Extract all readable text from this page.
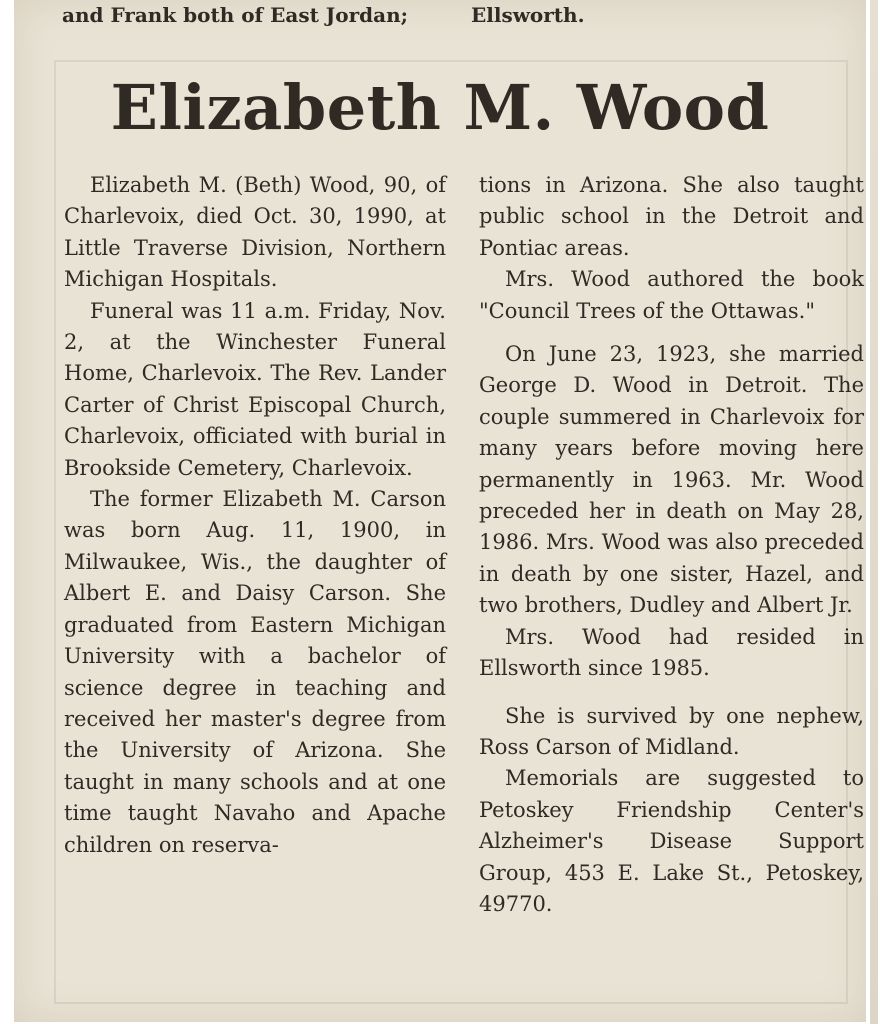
and Frank both of East Jordan;	Ellsworth.
Elizabeth M. Wood

Elizabeth M. (Beth) Wood, 90, of Charlevoix, died Oct. 30, 1990, at Little Traverse Division, Northern Michigan Hospitals.

Funeral was 11 a.m. Friday, Nov. 2, at the Winchester Funeral Home, Charlevoix. The Rev. Lander Carter of Christ Episcopal Church, Charlevoix, officiated with burial in Brookside Cemetery, Charlevoix.

The former Elizabeth M. Carson was born Aug. 11, 1900, in Milwaukee, Wis., the daughter of Albert E. and Daisy Carson. She graduated from Eastern Michigan University with a bachelor of science degree in teaching and received her master's degree from the University of Arizona. She taught in many schools and at one time taught Navaho and Apache children on reserva-

tions in Arizona. She also taught public school in the Detroit and Pontiac areas.

Mrs. Wood authored the book "Council Trees of the Ottawas."

On June 23, 1923, she married George D. Wood in Detroit. The couple summered in Charlevoix for many years before moving here permanently in 1963. Mr. Wood preceded her in death on May 28, 1986. Mrs. Wood was also preceded in death by one sister, Hazel, and two brothers, Dudley and Albert Jr.

Mrs. Wood had resided in Ellsworth since 1985.

She is survived by one nephew, Ross Carson of Midland.

Memorials are suggested to Petoskey Friendship Center's Alzheimer's Disease Support Group, 453 E. Lake St., Petoskey, 49770.
